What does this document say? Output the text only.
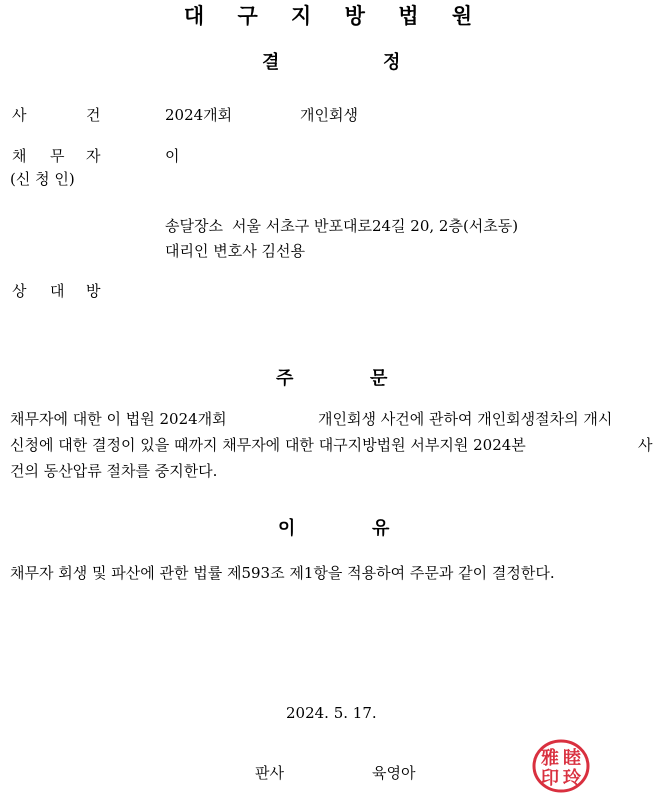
대 구 지 방 법 원
결	정
사	건	2024개회	개인회생
채 무 자	이
(신 청 인)
송달장소 서울 서초구 반포대로24길 20, 2층(서초동)
대리인 변호사 김선용
상 대 방
주	문
채무자에 대한 이 법원 2024개회	개인회생 사건에 관하여 개인회생절차의 개시
신청에 대한 결정이 있을 때까지 채무자에 대한 대구지방법원 서부지원 2024본	사
건의 동산압류 절차를 중지한다.
이	유
채무자 회생 및 파산에 관한 법률 제593조 제1항을 적용하여 주문과 같이 결정한다.
2024. 5. 17.
판사	육영아
雅 睦
印 玲
